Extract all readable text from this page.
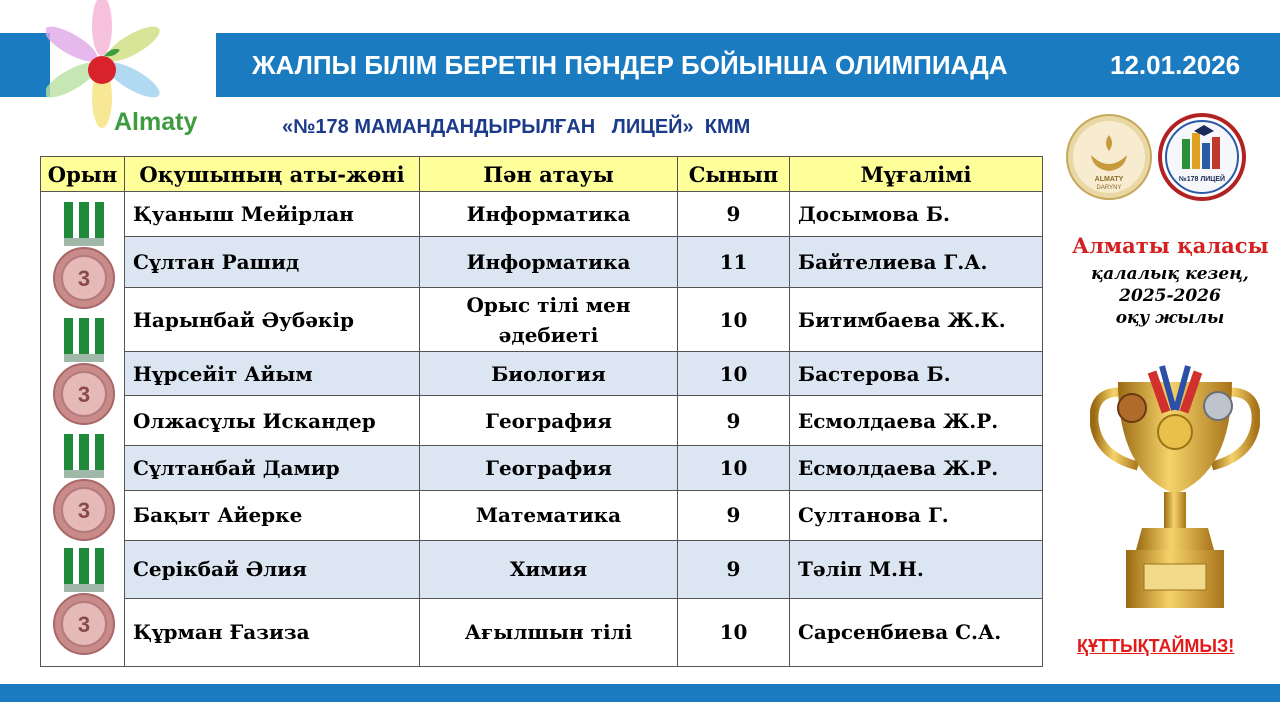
ЖАЛПЫ БІЛІМ БЕРЕТІН ПӘНДЕР БОЙЫНША ОЛИМПИАДА	12.01.2026
Almaty	«№178 МАМАНДАНДЫРЫЛҒАН   ЛИЦЕЙ»  КММ
Орын	Оқушының аты-жөні	Пән атауы	Сынып	Мұғалімі

3
3
3
3	Қуаныш Мейірлан	Информатика	9	Досымова Б.
	Сұлтан Рашид	Информатика	11	Байтелиева Г.А.
	Нарынбай Әубәкір	Орыс тілі мен әдебиеті	10	Битимбаева Ж.К.
	Нұрсейіт Айым	Биология	10	Бастерова Б.
	Олжасұлы Искандер	География	9	Есмолдаева Ж.Р.
	Сұлтанбай Дамир	География	10	Есмолдаева Ж.Р.
	Бақыт Айерке	Математика	9	Султанова Г.
	Серікбай Әлия	Химия	9	Тәліп М.Н.
	Құрман Ғазиза	Ағылшын тілі	10	Сарсенбиева С.А.
ALMATY
DARYNY
№178 ЛИЦЕЙ
Алматы қаласы
қалалық кезең,
2025-2026
оқу жылы
ҚҰТТЫҚТАЙМЫЗ!
